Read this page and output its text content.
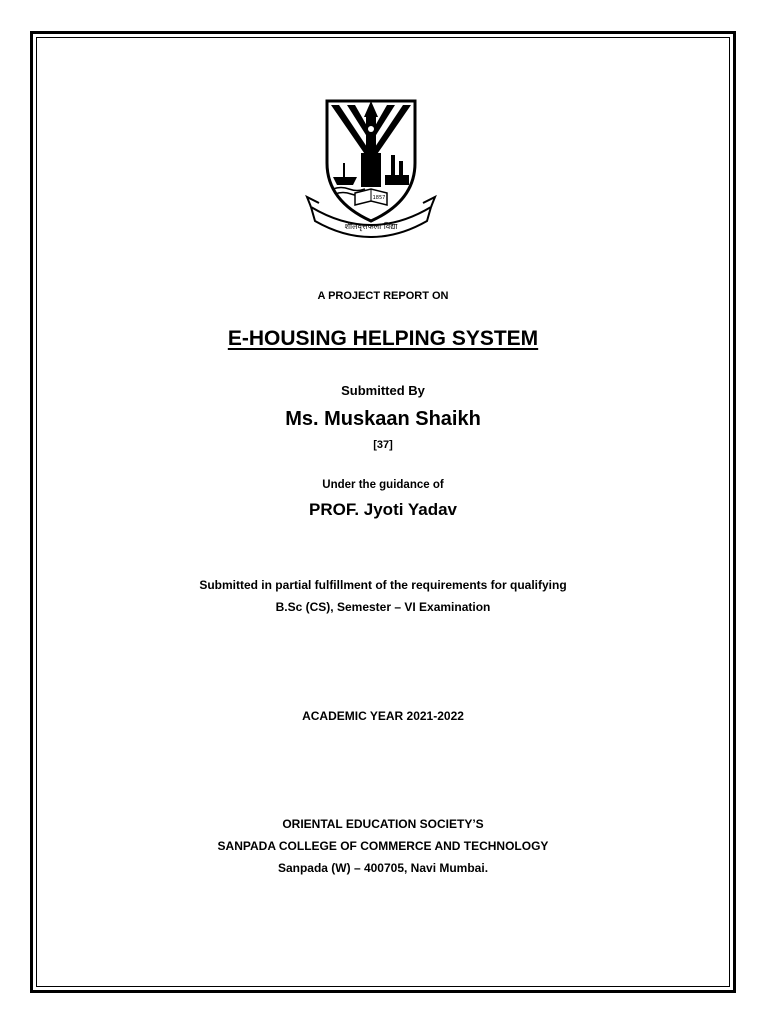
1857
शीलवृत्तफला विद्या
A PROJECT REPORT ON
E-HOUSING HELPING SYSTEM
Submitted By
Ms. Muskaan Shaikh
[37]
Under the guidance of
PROF. Jyoti Yadav
Submitted in partial fulfillment of the requirements for qualifying
B.Sc (CS), Semester – VI Examination
ACADEMIC YEAR 2021-2022
ORIENTAL EDUCATION SOCIETY’S
SANPADA COLLEGE OF COMMERCE AND TECHNOLOGY
Sanpada (W) – 400705, Navi Mumbai.
